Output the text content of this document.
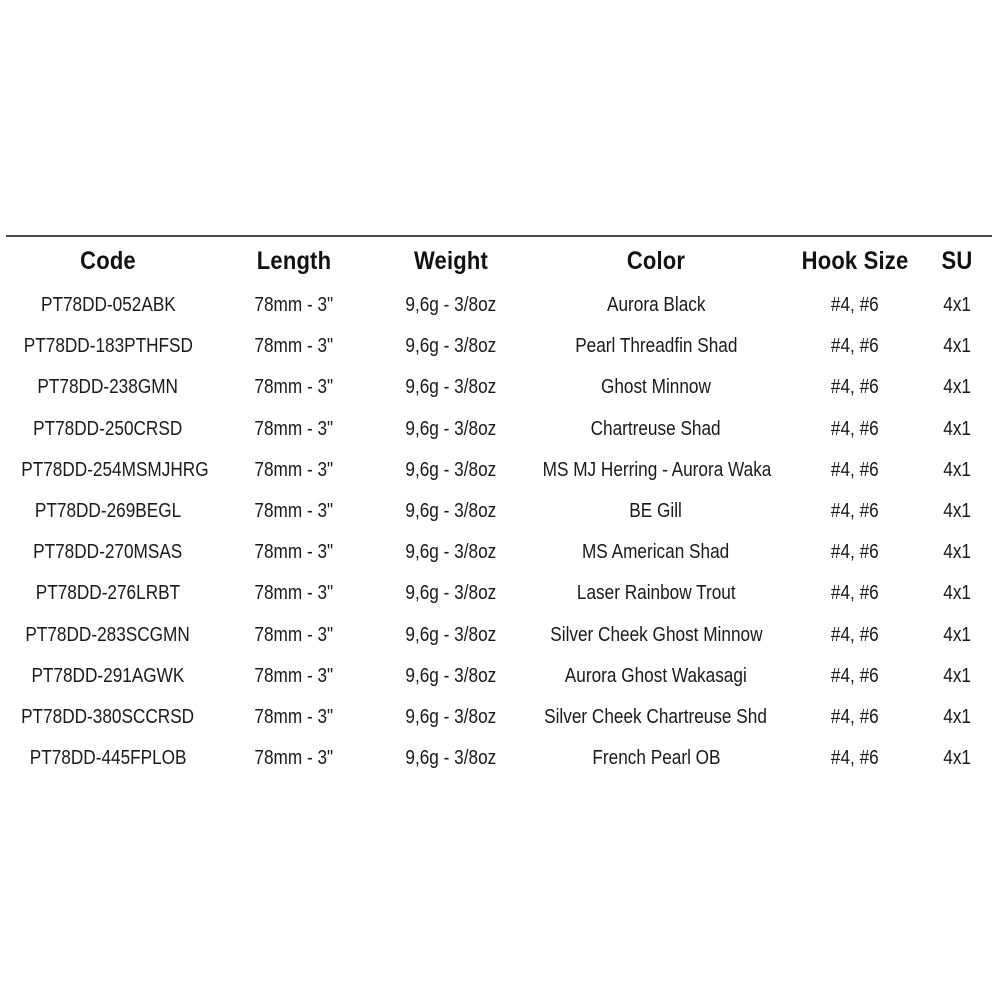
Code	Length	Weight	Color	Hook Size	SU
PT78DD-052ABK	78mm - 3"	9,6g - 3/8oz	Aurora Black	#4, #6	4x1
PT78DD-183PTHFSD	78mm - 3"	9,6g - 3/8oz	Pearl Threadfin Shad	#4, #6	4x1
PT78DD-238GMN	78mm - 3"	9,6g - 3/8oz	Ghost Minnow	#4, #6	4x1
PT78DD-250CRSD	78mm - 3"	9,6g - 3/8oz	Chartreuse Shad	#4, #6	4x1
PT78DD-254MSMJHRG	78mm - 3"	9,6g - 3/8oz	MS MJ Herring - Aurora Waka	#4, #6	4x1
PT78DD-269BEGL	78mm - 3"	9,6g - 3/8oz	BE Gill	#4, #6	4x1
PT78DD-270MSAS	78mm - 3"	9,6g - 3/8oz	MS American Shad	#4, #6	4x1
PT78DD-276LRBT	78mm - 3"	9,6g - 3/8oz	Laser Rainbow Trout	#4, #6	4x1
PT78DD-283SCGMN	78mm - 3"	9,6g - 3/8oz	Silver Cheek Ghost Minnow	#4, #6	4x1
PT78DD-291AGWK	78mm - 3"	9,6g - 3/8oz	Aurora Ghost Wakasagi	#4, #6	4x1
PT78DD-380SCCRSD	78mm - 3"	9,6g - 3/8oz	Silver Cheek Chartreuse Shd	#4, #6	4x1
PT78DD-445FPLOB	78mm - 3"	9,6g - 3/8oz	French Pearl OB	#4, #6	4x1
